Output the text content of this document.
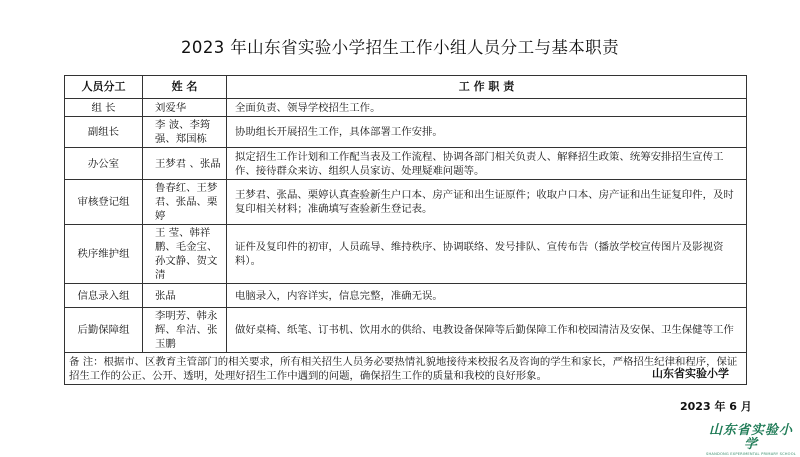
2023 年山东省实验小学招生工作小组人员分工与基本职责
人员分工	姓 名	工 作 职 责
组 长	刘爱华	全面负责、领导学校招生工作。
副组长	李 波、李筠强、郑国栋	协助组长开展招生工作，具体部署工作安排。
办公室	王梦君 、张晶	拟定招生工作计划和工作配当表及工作流程、协调各部门相关负责人、解释招生政策、统筹安排招生宣传工作、接待群众来访、组织人员家访、处理疑难问题等。
审核登记组	鲁春红、王梦君、张晶、栗婷	王梦君、张晶、栗婷认真查验新生户口本、房产证和出生证原件；收取户口本、房产证和出生证复印件，及时复印相关材料；准确填写查验新生登记表。
秩序维护组	王 莹、韩祥鹏、毛金宝、孙文静、贺文清	证件及复印件的初审，人员疏导、维持秩序、协调联络、发号排队、宣传布告（播放学校宣传图片及影视资料）。
信息录入组	张晶	电脑录入，内容详实，信息完整，准确无误。
后勤保障组	李明芳、韩永辉、牟洁、张玉鹏	做好桌椅、纸笔、订书机、饮用水的供给、电教设备保障等后勤保障工作和校园清洁及安保、卫生保健等工作
备 注：根据市、区教育主管部门的相关要求，所有相关招生人员务必要热情礼貌地接待来校报名及咨询的学生和家长，严格招生纪律和程序，保证招生工作的公正、公开、透明，处理好招生工作中遇到的问题，确保招生工作的质量和我校的良好形象。			山东省实验小学
2023 年 6 月
山东省实验小学
SHANDONG EXPERIMENTAL PRIMARY SCHOOL
